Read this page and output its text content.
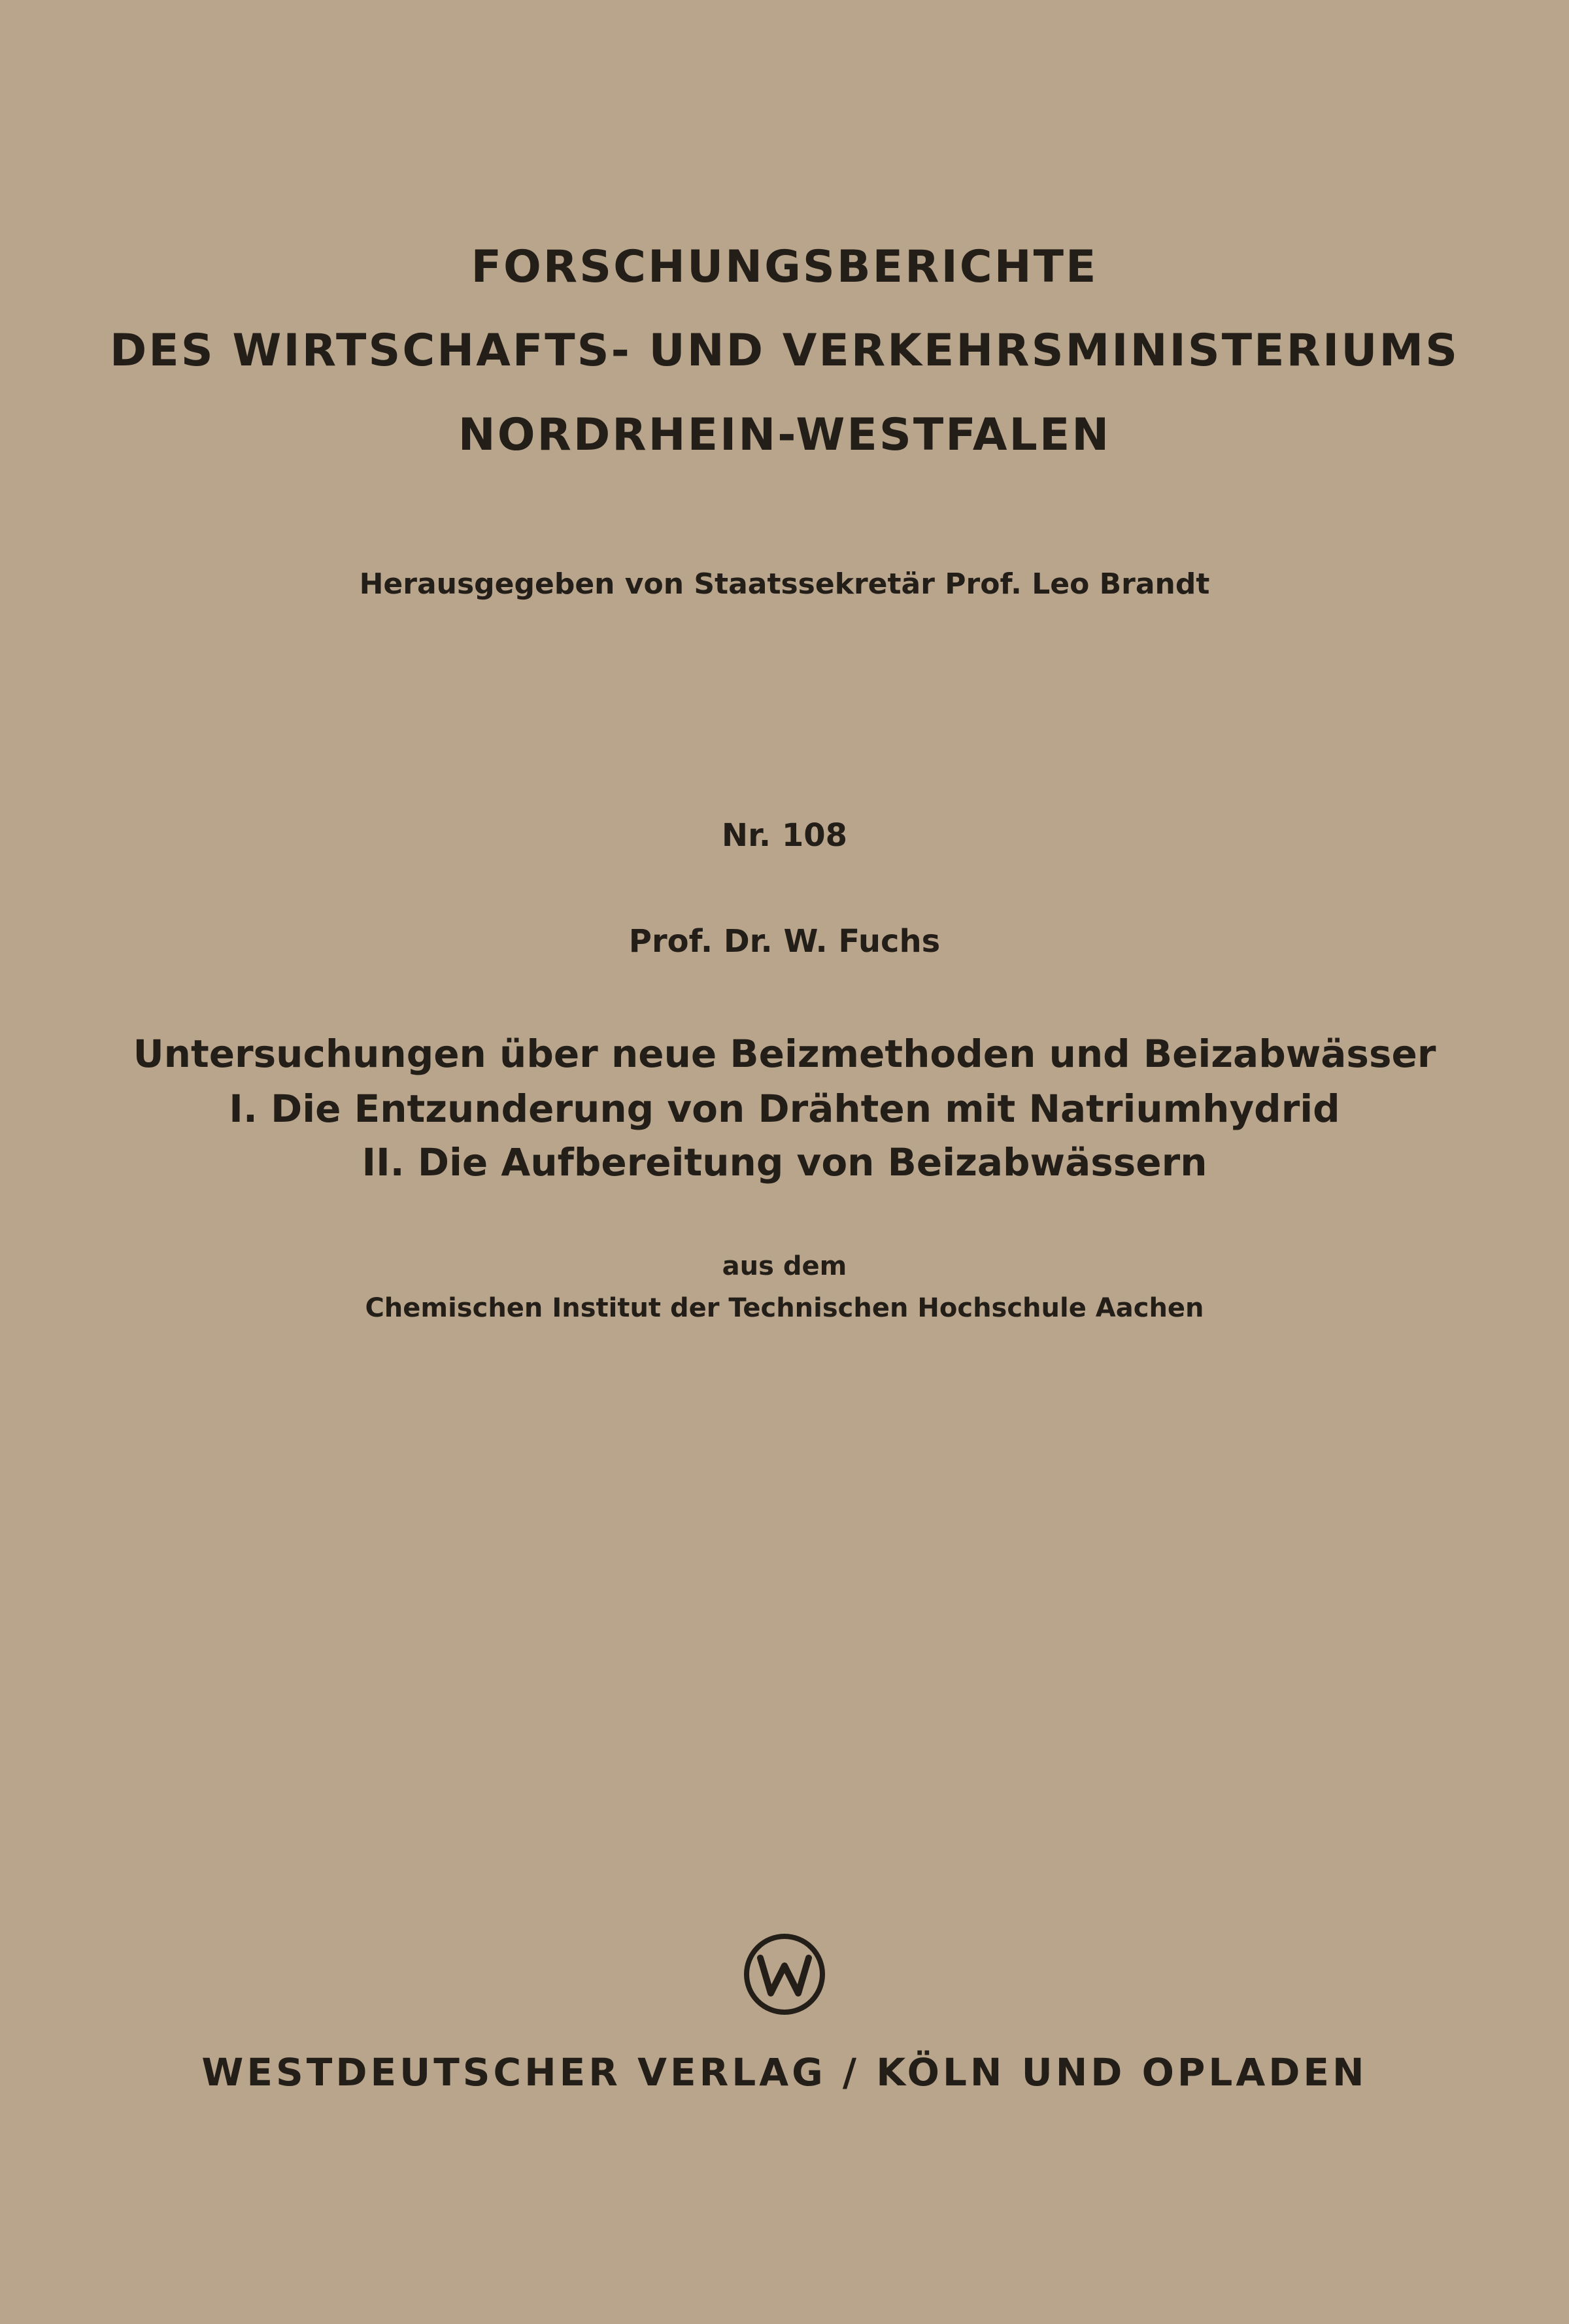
FORSCHUNGSBERICHTE
DES WIRTSCHAFTS- UND VERKEHRSMINISTERIUMS
NORDRHEIN-WESTFALEN
Herausgegeben von Staatssekretär Prof. Leo Brandt
Nr. 108
Prof. Dr. W. Fuchs
Untersuchungen über neue Beizmethoden und Beizabwässer
I. Die Entzunderung von Drähten mit Natriumhydrid
II. Die Aufbereitung von Beizabwässern
aus dem
Chemischen Institut der Technischen Hochschule Aachen
WESTDEUTSCHER VERLAG / KÖLN UND OPLADEN
